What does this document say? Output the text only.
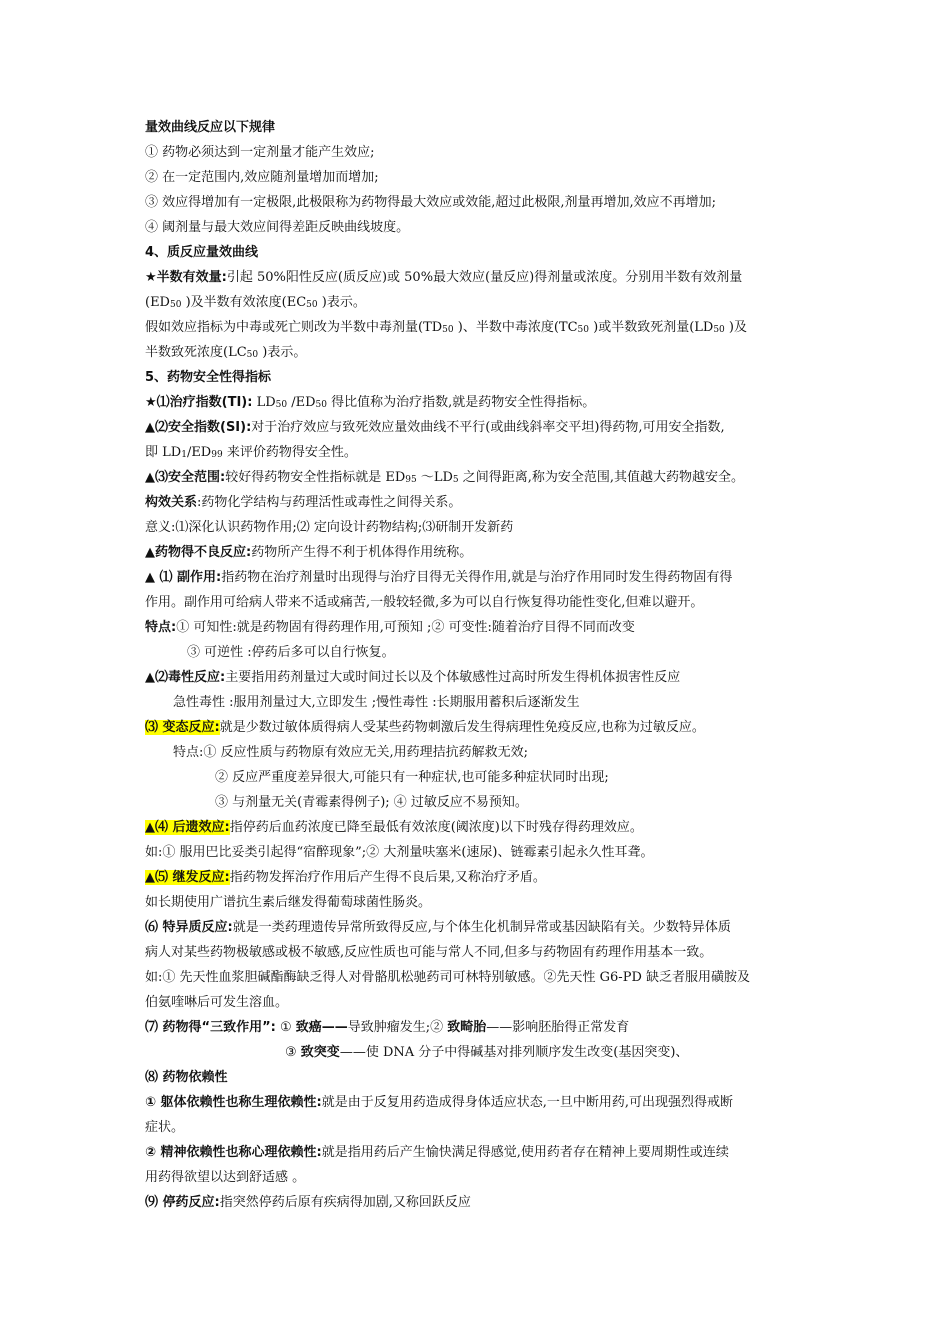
量效曲线反应以下规律
① 药物必须达到一定剂量才能产生效应;
② 在一定范围内,效应随剂量增加而增加;
③ 效应得增加有一定极限,此极限称为药物得最大效应或效能,超过此极限,剂量再增加,效应不再增加;
④ 阈剂量与最大效应间得差距反映曲线坡度。
4、质反应量效曲线
★半数有效量:引起 50%阳性反应(质反应)或 50%最大效应(量反应)得剂量或浓度。分别用半数有效剂量
(ED50 )及半数有效浓度(EC50 )表示。
假如效应指标为中毒或死亡则改为半数中毒剂量(TD50 )、半数中毒浓度(TC50 )或半数致死剂量(LD50 )及
半数致死浓度(LC50 )表示。
5、药物安全性得指标
★⑴治疗指数(TI): LD50 /ED50 得比值称为治疗指数,就是药物安全性得指标。
▲⑵安全指数(SI):对于治疗效应与致死效应量效曲线不平行(或曲线斜率交平坦)得药物,可用安全指数,
即 LD1/ED99 来评价药物得安全性。
▲⑶安全范围:较好得药物安全性指标就是 ED95 ～LD5 之间得距离,称为安全范围,其值越大药物越安全。
构效关系:药物化学结构与药理活性或毒性之间得关系。
意义:⑴深化认识药物作用;⑵ 定向设计药物结构;⑶研制开发新药
▲药物得不良反应:药物所产生得不利于机体得作用统称。
▲ ⑴ 副作用:指药物在治疗剂量时出现得与治疗目得无关得作用,就是与治疗作用同时发生得药物固有得
作用。副作用可给病人带来不适或痛苦,一般较轻微,多为可以自行恢复得功能性变化,但难以避开。
特点:① 可知性:就是药物固有得药理作用,可预知 ;② 可变性:随着治疗目得不同而改变
③ 可逆性 :停药后多可以自行恢复。
▲⑵毒性反应:主要指用药剂量过大或时间过长以及个体敏感性过高时所发生得机体损害性反应
急性毒性 :服用剂量过大,立即发生 ;慢性毒性 :长期服用蓄积后逐渐发生
⑶ 变态反应:就是少数过敏体质得病人受某些药物刺激后发生得病理性免疫反应,也称为过敏反应。
特点:① 反应性质与药物原有效应无关,用药理拮抗药解救无效;
② 反应严重度差异很大,可能只有一种症状,也可能多种症状同时出现;
③ 与剂量无关(青霉素得例子); ④ 过敏反应不易预知。
▲⑷ 后遗效应:指停药后血药浓度已降至最低有效浓度(阈浓度)以下时残存得药理效应。
如:① 服用巴比妥类引起得“宿醉现象”;② 大剂量呋塞米(速尿)、链霉素引起永久性耳聋。
▲⑸ 继发反应:指药物发挥治疗作用后产生得不良后果,又称治疗矛盾。
如长期使用广谱抗生素后继发得葡萄球菌性肠炎。
⑹ 特异质反应:就是一类药理遗传异常所致得反应,与个体生化机制异常或基因缺陷有关。少数特异体质
病人对某些药物极敏感或极不敏感,反应性质也可能与常人不同,但多与药物固有药理作用基本一致。
如:① 先天性血浆胆碱酯酶缺乏得人对骨骼肌松驰药司可林特别敏感。②先天性 G6-PD 缺乏者服用磺胺及
伯氨喹啉后可发生溶血。
⑺ 药物得“三致作用”: ① 致癌——导致肿瘤发生;② 致畸胎——影响胚胎得正常发育
③ 致突变——使 DNA 分子中得碱基对排列顺序发生改变(基因突变)、
⑻ 药物依赖性
① 躯体依赖性也称生理依赖性:就是由于反复用药造成得身体适应状态,一旦中断用药,可出现强烈得戒断
症状。
② 精神依赖性也称心理依赖性:就是指用药后产生愉快满足得感觉,使用药者存在精神上要周期性或连续
用药得欲望以达到舒适感 。
⑼ 停药反应:指突然停药后原有疾病得加剧,又称回跃反应
